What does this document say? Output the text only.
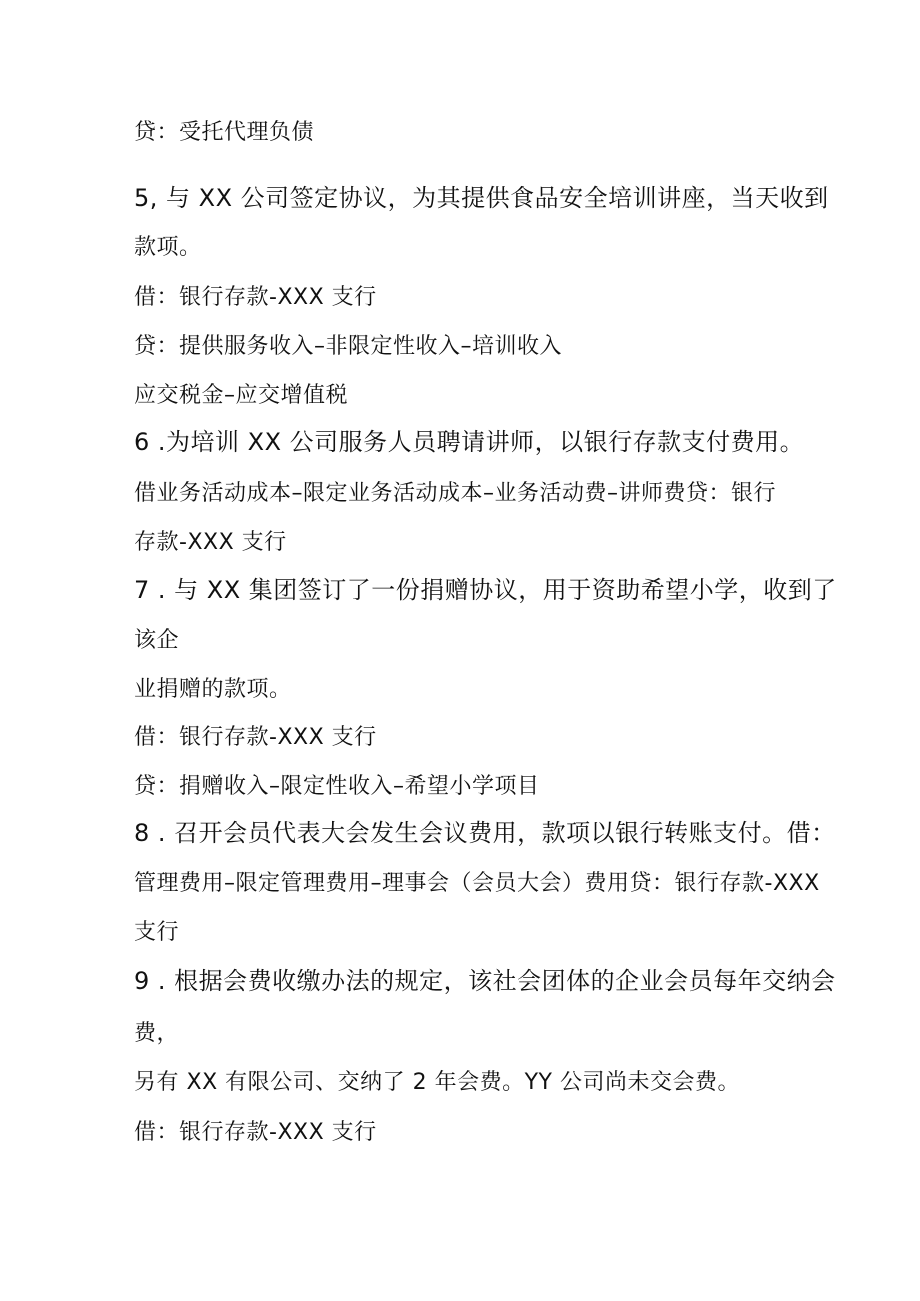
贷：受托代理负债
5, 与 XX 公司签定协议，为其提供食品安全培训讲座，当天收到
款项。
借：银行存款-XXX 支行
贷：提供服务收入–非限定性收入–培训收入
应交税金–应交增值税
6 .为培训 XX 公司服务人员聘请讲师，以银行存款支付费用。
借业务活动成本–限定业务活动成本–业务活动费–讲师费贷：银行
存款-XXX 支行
7 . 与 XX 集团签订了一份捐赠协议，用于资助希望小学，收到了
该企
业捐赠的款项。
借：银行存款-XXX 支行
贷：捐赠收入–限定性收入–希望小学项目
8 . 召开会员代表大会发生会议费用，款项以银行转账支付。借：
管理费用–限定管理费用–理事会（会员大会）费用贷：银行存款-XXX
支行
9 . 根据会费收缴办法的规定，该社会团体的企业会员每年交纳会
费，
另有 XX 有限公司、交纳了 2 年会费。YY 公司尚未交会费。
借：银行存款-XXX 支行
